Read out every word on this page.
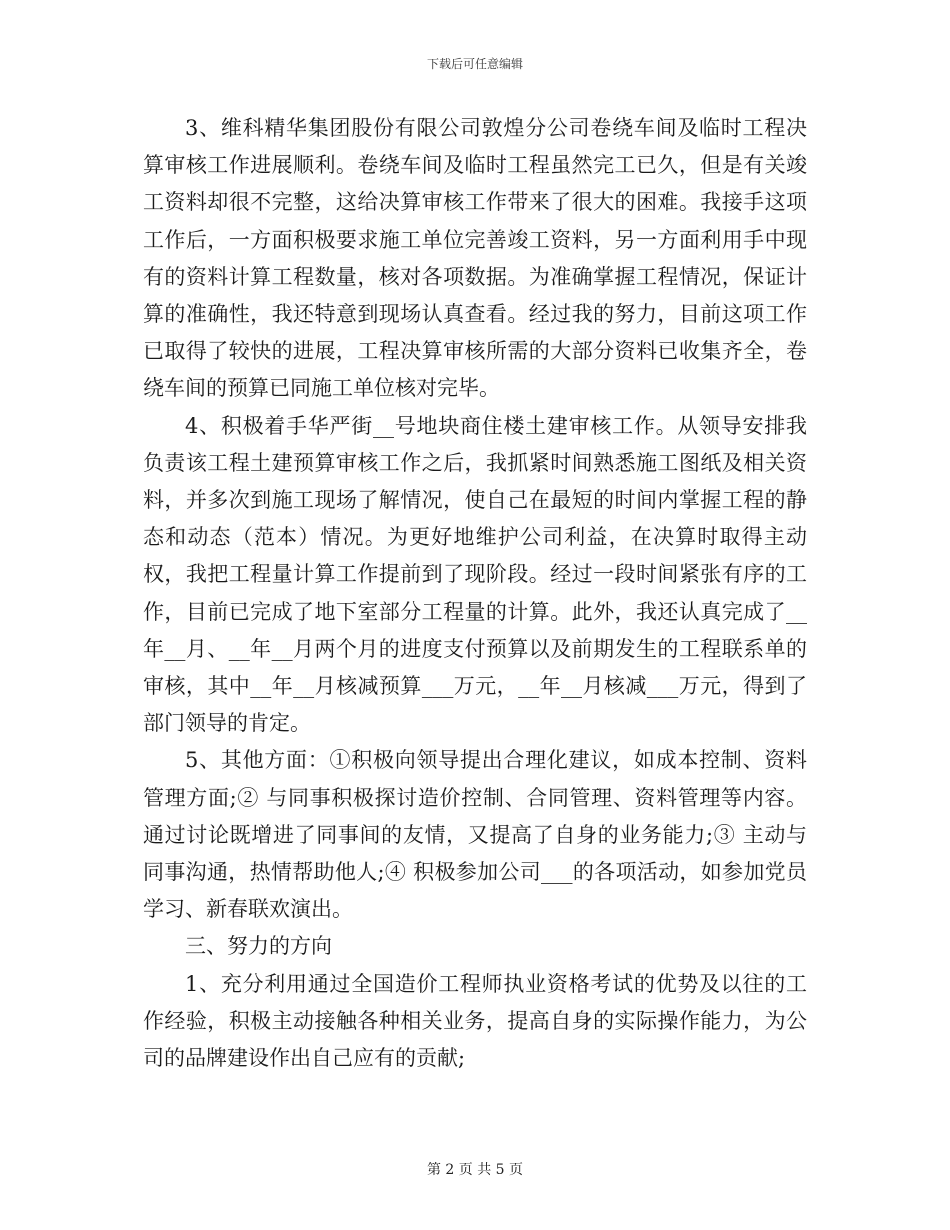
下载后可任意编辑

3、维科精华集团股份有限公司敦煌分公司卷绕车间及临时工程决算审核工作进展顺利。卷绕车间及临时工程虽然完工已久，但是有关竣工资料却很不完整，这给决算审核工作带来了很大的困难。我接手这项工作后，一方面积极要求施工单位完善竣工资料，另一方面利用手中现有的资料计算工程数量，核对各项数据。为准确掌握工程情况，保证计算的准确性，我还特意到现场认真查看。经过我的努力，目前这项工作已取得了较快的进展，工程决算审核所需的大部分资料已收集齐全，卷绕车间的预算已同施工单位核对完毕。

4、积极着手华严街__号地块商住楼土建审核工作。从领导安排我负责该工程土建预算审核工作之后，我抓紧时间熟悉施工图纸及相关资料，并多次到施工现场了解情况，使自己在最短的时间内掌握工程的静态和动态（范本）情况。为更好地维护公司利益，在决算时取得主动权，我把工程量计算工作提前到了现阶段。经过一段时间紧张有序的工作，目前已完成了地下室部分工程量的计算。此外，我还认真完成了__年__月、__年__月两个月的进度支付预算以及前期发生的工程联系单的审核，其中__年__月核减预算___万元，__年__月核减___万元，得到了部门领导的肯定。

5、其他方面：①积极向领导提出合理化建议，如成本控制、资料管理方面;② 与同事积极探讨造价控制、合同管理、资料管理等内容。通过讨论既增进了同事间的友情，又提高了自身的业务能力;③ 主动与同事沟通，热情帮助他人;④ 积极参加公司___的各项活动，如参加党员学习、新春联欢演出。

三、努力的方向

1、充分利用通过全国造价工程师执业资格考试的优势及以往的工作经验，积极主动接触各种相关业务，提高自身的实际操作能力，为公司的品牌建设作出自己应有的贡献;

第 2 页 共 5 页
